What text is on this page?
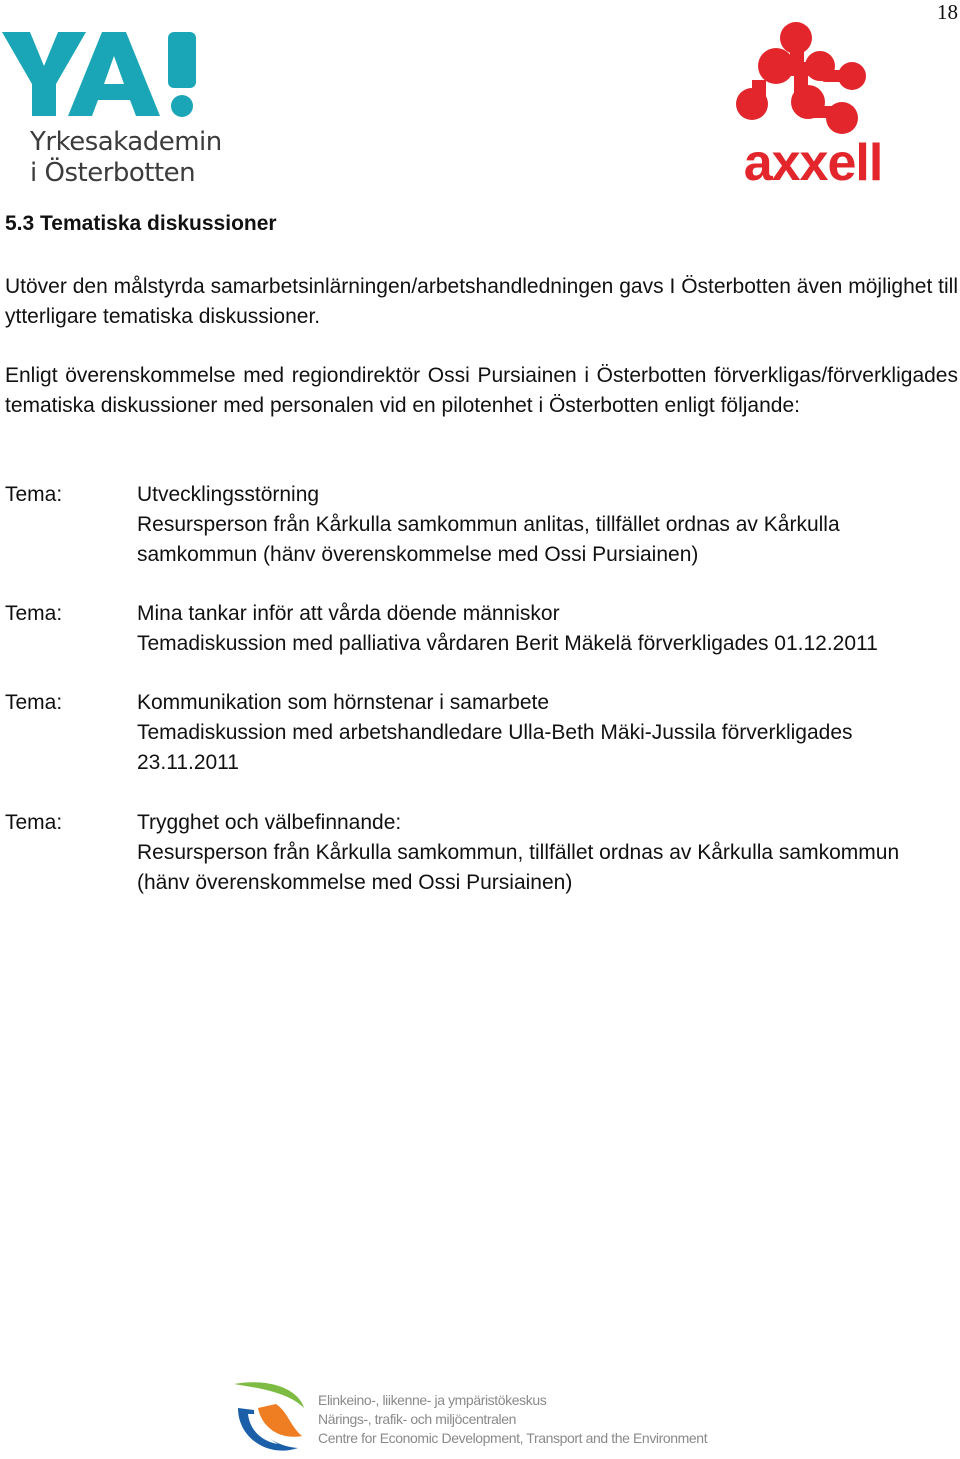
18
YA!
Yrkesakademin
i Österbotten	axxell
5.3 Tematiska diskussioner

Utöver den målstyrda samarbetsinlärningen/arbetshandledningen gavs I Österbotten även möjlighet till ytterligare tematiska diskussioner.

Enligt överenskommelse med regiondirektör Ossi Pursiainen i Österbotten förverkligas/förverkligades tematiska diskussioner med personalen vid en pilotenhet i Österbotten enligt följande:

Tema:	Utvecklingsstörning
Resursperson från Kårkulla samkommun anlitas, tillfället ordnas av Kårkulla samkommun (hänv överenskommelse med Ossi Pursiainen)
Tema:	Mina tankar inför att vårda döende människor
Temadiskussion med palliativa vårdaren Berit Mäkelä förverkligades 01.12.2011
Tema:	Kommunikation som hörnstenar i samarbete
Temadiskussion med arbetshandledare Ulla-Beth Mäki-Jussila förverkligades 23.11.2011
Tema:	Trygghet och välbefinnande:
Resursperson från Kårkulla samkommun, tillfället ordnas av Kårkulla samkommun (hänv överenskommelse med Ossi Pursiainen)
Elinkeino-, liikenne- ja ympäristökeskus
Närings-, trafik- och miljöcentralen
Centre for Economic Development, Transport and the Environment
